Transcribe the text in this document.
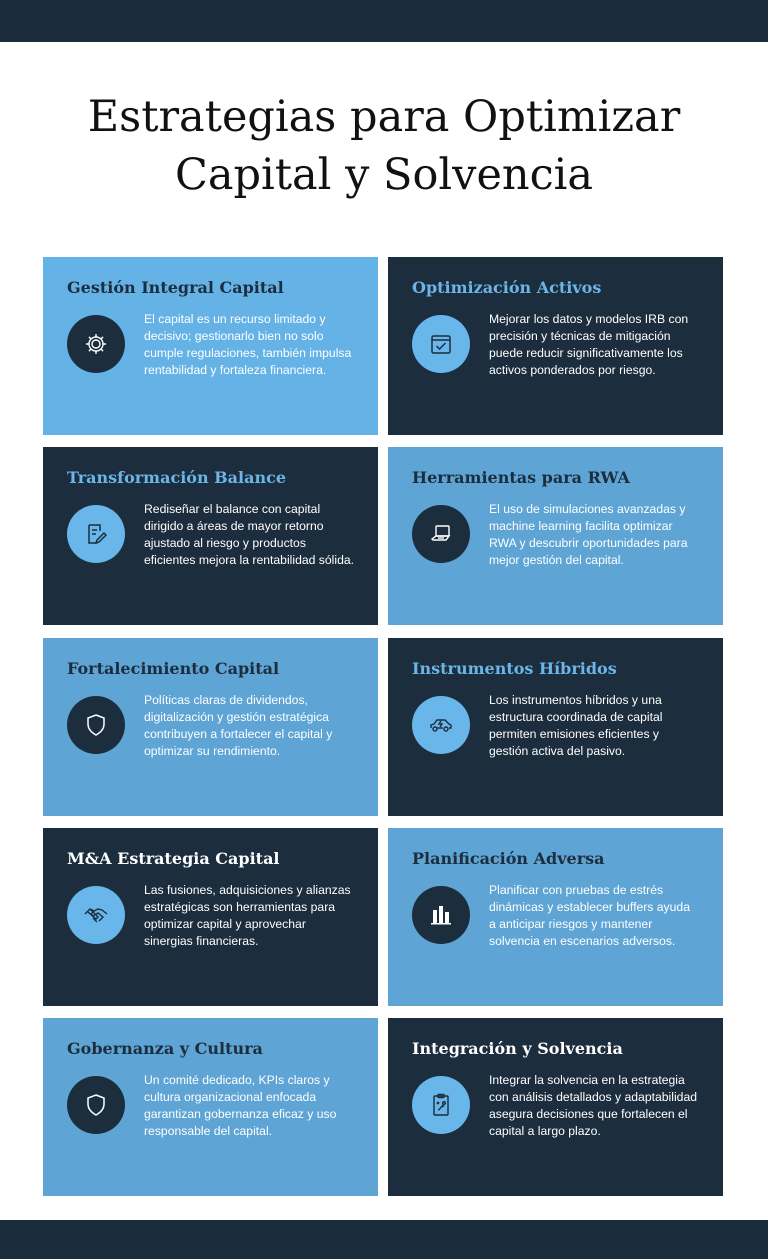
Estrategias para Optimizar
Capital y Solvencia
Gestión Integral Capital
El capital es un recurso limitado y decisivo; gestionarlo bien no solo cumple regulaciones, también impulsa rentabilidad y fortaleza financiera.
Optimización Activos
Mejorar los datos y modelos IRB con precisión y técnicas de mitigación puede reducir significativamente los activos ponderados por riesgo.
Transformación Balance
Rediseñar el balance con capital dirigido a áreas de mayor retorno ajustado al riesgo y productos eficientes mejora la rentabilidad sólida.
Herramientas para RWA
El uso de simulaciones avanzadas y machine learning facilita optimizar RWA y descubrir oportunidades para mejor gestión del capital.
Fortalecimiento Capital
Políticas claras de dividendos, digitalización y gestión estratégica contribuyen a fortalecer el capital y optimizar su rendimiento.
Instrumentos Híbridos
Los instrumentos híbridos y una estructura coordinada de capital permiten emisiones eficientes y gestión activa del pasivo.
M&A Estrategia Capital
Las fusiones, adquisiciones y alianzas estratégicas son herramientas para optimizar capital y aprovechar sinergias financieras.
Planificación Adversa
Planificar con pruebas de estrés dinámicas y establecer buffers ayuda a anticipar riesgos y mantener solvencia en escenarios adversos.
Gobernanza y Cultura
Un comité dedicado, KPIs claros y cultura organizacional enfocada garantizan gobernanza eficaz y uso responsable del capital.
Integración y Solvencia
Integrar la solvencia en la estrategia con análisis detallados y adaptabilidad asegura decisiones que fortalecen el capital a largo plazo.
